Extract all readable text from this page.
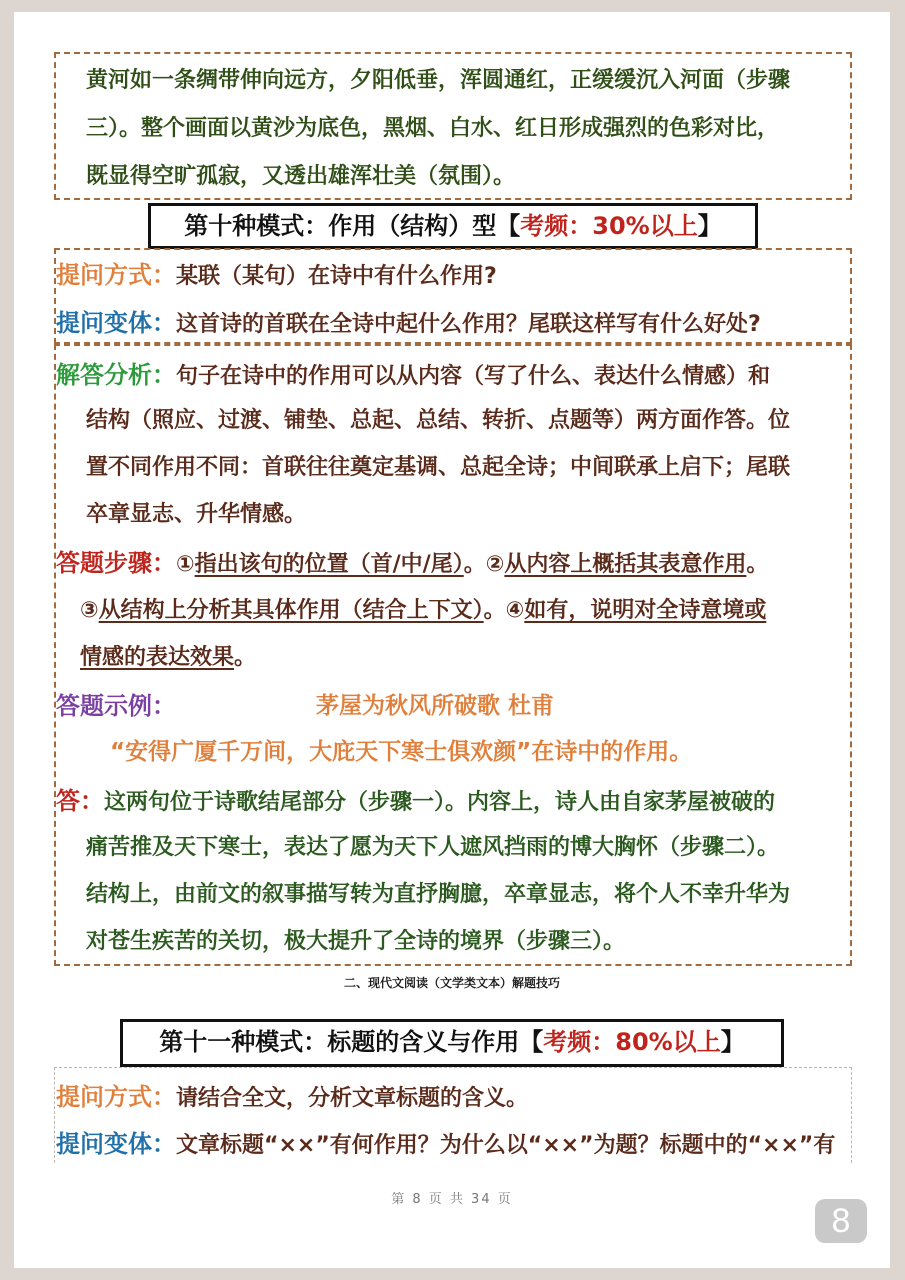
黄河如一条绸带伸向远方，夕阳低垂，浑圆通红，正缓缓沉入河面（步骤
三）。整个画面以黄沙为底色，黑烟、白水、红日形成强烈的色彩对比，
既显得空旷孤寂，又透出雄浑壮美（氛围）。
第十种模式：作用（结构）型【考频：30%以上】
提问方式：某联（某句）在诗中有什么作用?
提问变体：这首诗的首联在全诗中起什么作用？尾联这样写有什么好处?
解答分析：句子在诗中的作用可以从内容（写了什么、表达什么情感）和
结构（照应、过渡、铺垫、总起、总结、转折、点题等）两方面作答。位
置不同作用不同：首联往往奠定基调、总起全诗；中间联承上启下；尾联
卒章显志、升华情感。
答题步骤：①指出该句的位置（首/中/尾）。②从内容上概括其表意作用。
③从结构上分析其具体作用（结合上下文）。④如有，说明对全诗意境或
情感的表达效果。
答题示例：	茅屋为秋风所破歌 杜甫
“安得广厦千万间，大庇天下寒士俱欢颜”在诗中的作用。
答：这两句位于诗歌结尾部分（步骤一）。内容上，诗人由自家茅屋被破的
痛苦推及天下寒士，表达了愿为天下人遮风挡雨的博大胸怀（步骤二）。
结构上，由前文的叙事描写转为直抒胸臆，卒章显志，将个人不幸升华为
对苍生疾苦的关切，极大提升了全诗的境界（步骤三）。
二、现代文阅读（文学类文本）解题技巧
第十一种模式：标题的含义与作用【考频：80%以上】
提问方式：请结合全文，分析文章标题的含义。
提问变体：文章标题“××”有何作用？为什么以“××”为题？标题中的“××”有
第 8 页 共 34 页
8
